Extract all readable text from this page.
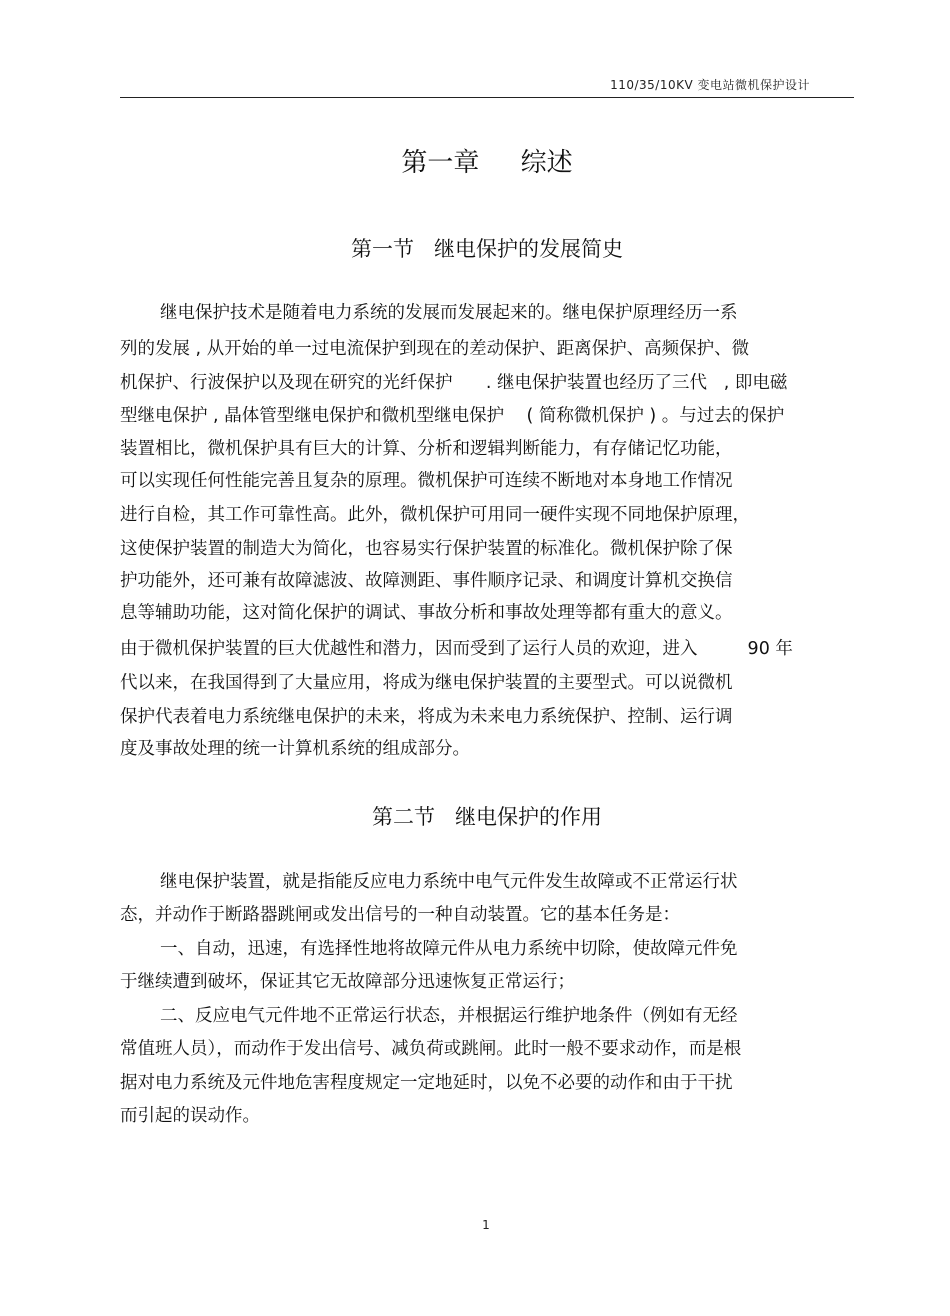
110/35/10KV 变电站微机保护设计
第一章     综述
第一节   继电保护的发展简史
继电保护技术是随着电力系统的发展而发展起来的。继电保护原理经历一系
列的发展 , 从开始的单一过电流保护到现在的差动保护、距离保护、高频保护、微
机保护、行波保护以及现在研究的光纤保护      . 继电保护装置也经历了三代   , 即电磁
型继电保护 , 晶体管型继电保护和微机型继电保护    ( 简称微机保护 ) 。与过去的保护
装置相比，微机保护具有巨大的计算、分析和逻辑判断能力，有存储记忆功能，
可以实现任何性能完善且复杂的原理。微机保护可连续不断地对本身地工作情况
进行自检，其工作可靠性高。此外，微机保护可用同一硬件实现不同地保护原理，
这使保护装置的制造大为简化，也容易实行保护装置的标准化。微机保护除了保
护功能外，还可兼有故障滤波、故障测距、事件顺序记录、和调度计算机交换信
息等辅助功能，这对简化保护的调试、事故分析和事故处理等都有重大的意义。
由于微机保护装置的巨大优越性和潜力，因而受到了运行人员的欢迎，进入         90 年
代以来，在我国得到了大量应用，将成为继电保护装置的主要型式。可以说微机
保护代表着电力系统继电保护的未来，将成为未来电力系统保护、控制、运行调
度及事故处理的统一计算机系统的组成部分。
第二节   继电保护的作用
继电保护装置，就是指能反应电力系统中电气元件发生故障或不正常运行状
态，并动作于断路器跳闸或发出信号的一种自动装置。它的基本任务是：
一、自动，迅速，有选择性地将故障元件从电力系统中切除，使故障元件免
于继续遭到破坏，保证其它无故障部分迅速恢复正常运行；
二、反应电气元件地不正常运行状态，并根据运行维护地条件（例如有无经
常值班人员），而动作于发出信号、减负荷或跳闸。此时一般不要求动作，而是根
据对电力系统及元件地危害程度规定一定地延时，以免不必要的动作和由于干扰
而引起的误动作。
1
